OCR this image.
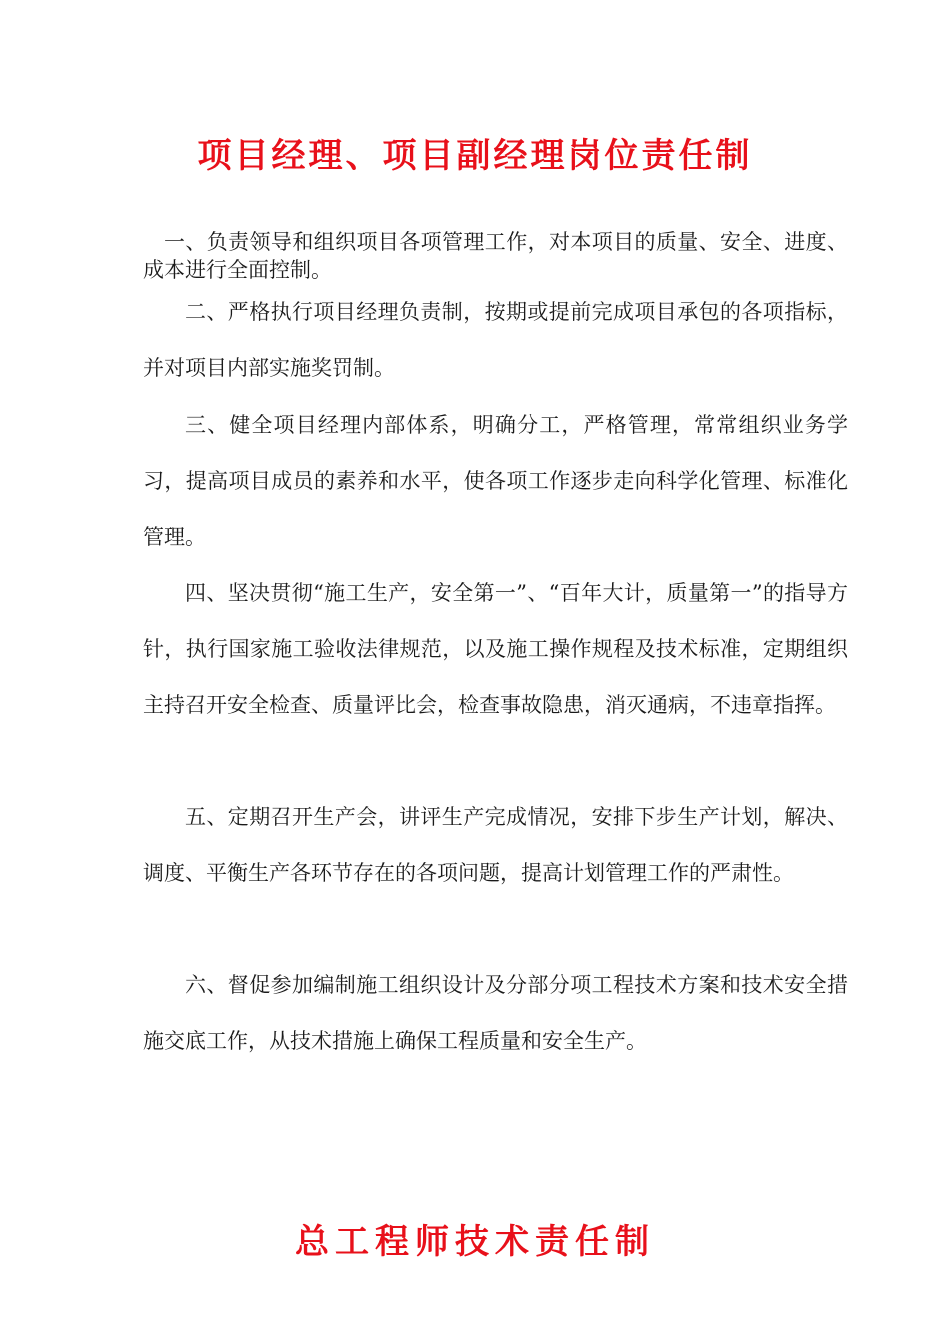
项目经理、项目副经理岗位责任制

一、负责领导和组织项目各项管理工作，对本项目的质量、安全、进度、成本进行全面控制。

二、严格执行项目经理负责制，按期或提前完成项目承包的各项指标，并对项目内部实施奖罚制。

三、健全项目经理内部体系，明确分工，严格管理，常常组织业务学习，提高项目成员的素养和水平，使各项工作逐步走向科学化管理、标准化管理。

四、坚决贯彻“施工生产，安全第一”、“百年大计，质量第一”的指导方针，执行国家施工验收法律规范，以及施工操作规程及技术标准，定期组织主持召开安全检查、质量评比会，检查事故隐患，消灭通病，不违章指挥。

五、定期召开生产会，讲评生产完成情况，安排下步生产计划，解决、调度、平衡生产各环节存在的各项问题，提高计划管理工作的严肃性。

六、督促参加编制施工组织设计及分部分项工程技术方案和技术安全措施交底工作，从技术措施上确保工程质量和安全生产。

总工程师技术责任制
